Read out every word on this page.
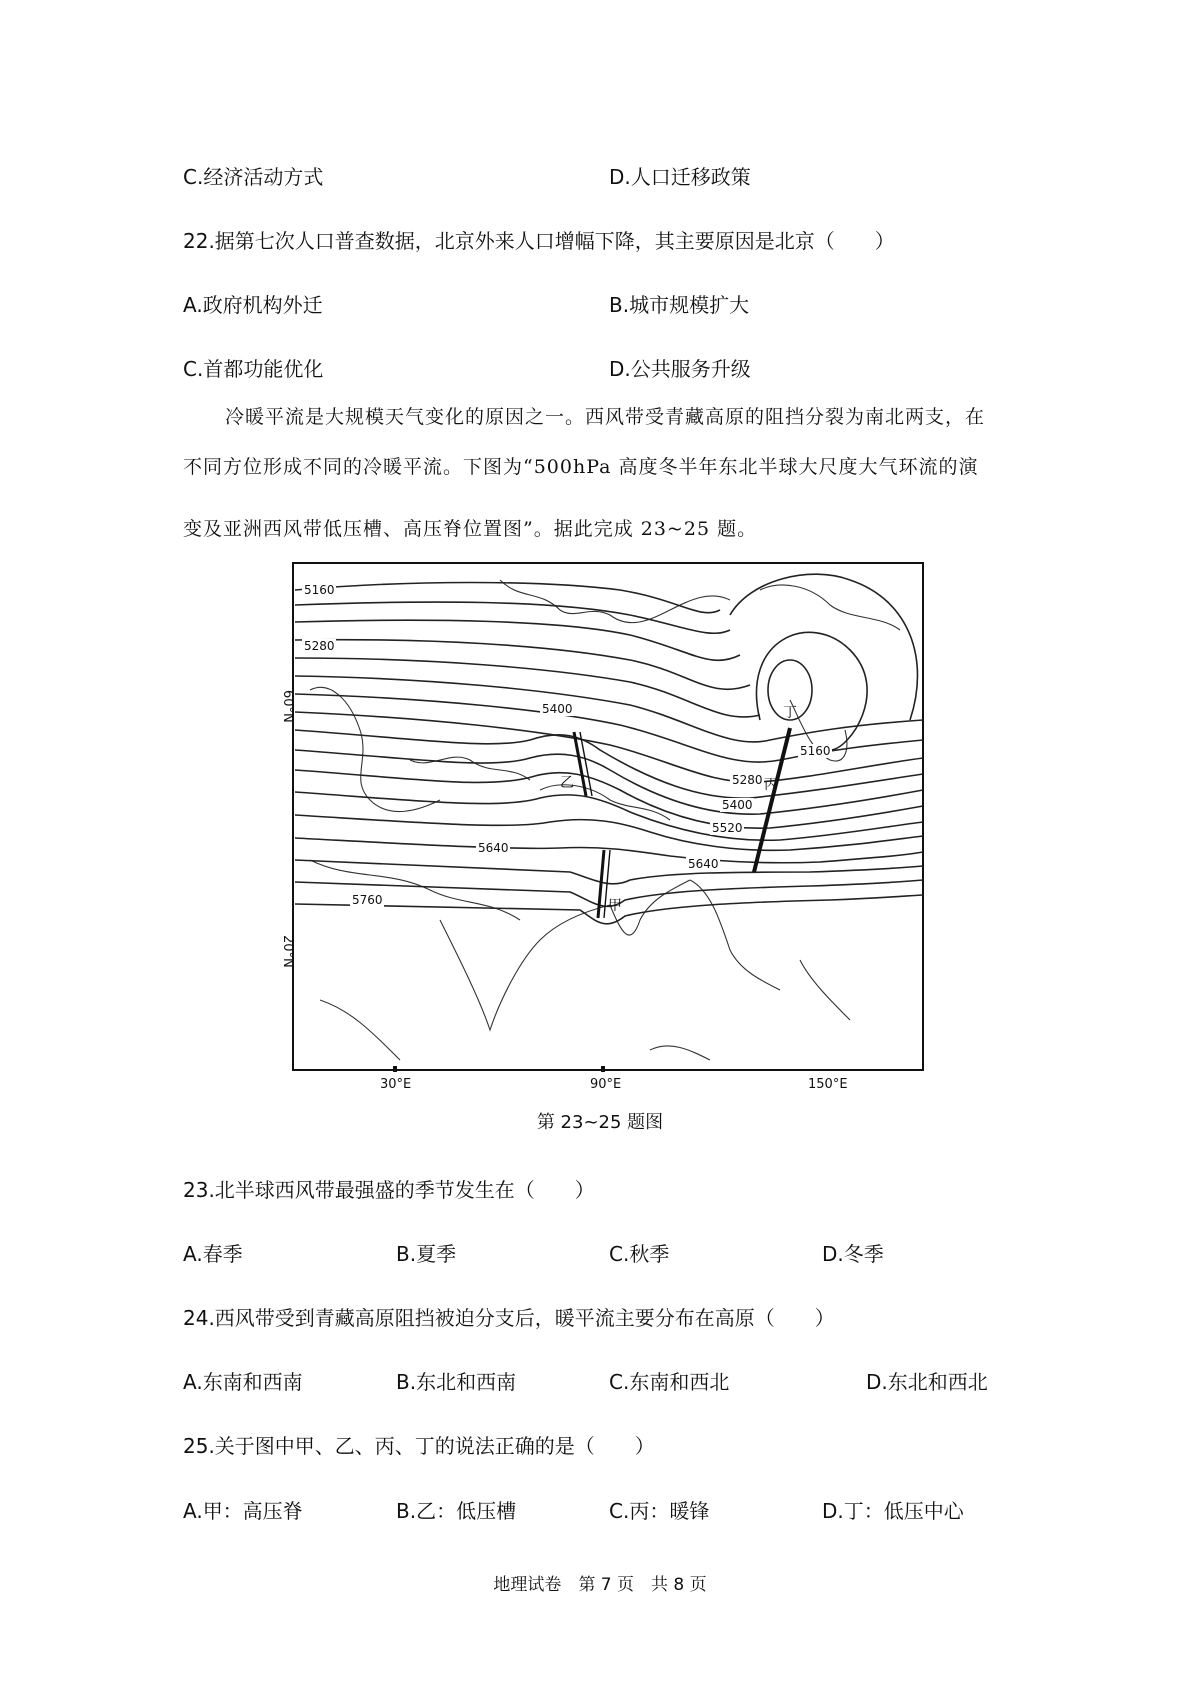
C.经济活动方式	D.人口迁移政策
22.据第七次人口普查数据，北京外来人口增幅下降，其主要原因是北京（　　）
A.政府机构外迁	B.城市规模扩大
C.首都功能优化	D.公共服务升级
冷暖平流是大规模天气变化的原因之一。西风带受青藏高原的阻挡分裂为南北两支，在
不同方位形成不同的冷暖平流。下图为“500hPa 高度冬半年东北半球大尺度大气环流的演
变及亚洲西风带低压槽、高压脊位置图”。据此完成 23~25 题。
5160
5280
5400
5640
5760
5160
5280
5400
5520
5640
甲
乙	丙
丁
60°N
20°N
30°E	90°E	150°E
第 23~25 题图
23.北半球西风带最强盛的季节发生在（　　）
A.春季	B.夏季	C.秋季	D.冬季
24.西风带受到青藏高原阻挡被迫分支后，暖平流主要分布在高原（　　）
A.东南和西南	B.东北和西南	C.东南和西北	D.东北和西北
25.关于图中甲、乙、丙、丁的说法正确的是（　　）
A.甲：高压脊	B.乙：低压槽	C.丙：暖锋	D.丁：低压中心
地理试卷　第 7 页　共 8 页
